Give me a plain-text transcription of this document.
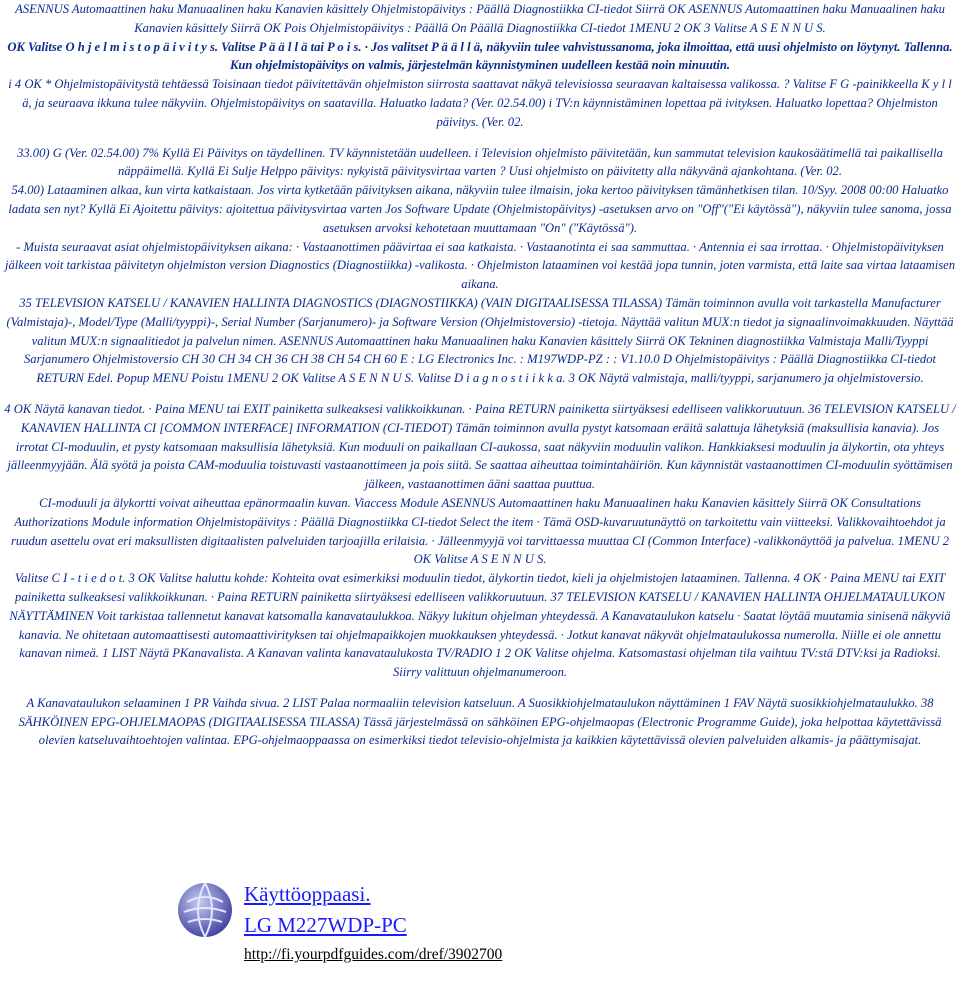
ASENNUS Automaattinen haku Manuaalinen haku Kanavien käsittely Ohjelmistopäivitys : Päällä Diagnostiikka CI-tiedot Siirrä OK ASENNUS Automaattinen haku Manuaalinen haku Kanavien käsittely Siirrä OK Pois Ohjelmistopäivitys : Päällä On Päällä Diagnostiikka CI-tiedot 1MENU 2 OK 3 Valitse A S E N N U S.

OK Valitse O h j e l m i s t o p ä i v i t y s. Valitse P ä ä l l ä tai P o i s. · Jos valitset P ä ä l l ä, näkyviin tulee vahvistussanoma, joka ilmoittaa, että uusi ohjelmisto on löytynyt. Tallenna. Kun ohjelmistopäivitys on valmis, järjestelmän käynnistyminen uudelleen kestää noin minuutin.

i 4 OK * Ohjelmistopäivitystä tehtäessä Toisinaan tiedot päivitettävän ohjelmiston siirrosta saattavat näkyä televisiossa seuraavan kaltaisessa valikossa. ? Valitse F G -painikkeella K y l l ä, ja seuraava ikkuna tulee näkyviin. Ohjelmistopäivitys on saatavilla. Haluatko ladata? (Ver. 02.54.00) i TV:n käynnistäminen lopettaa pä ivityksen. Haluatko lopettaa? Ohjelmiston päivitys. (Ver. 02.

33.00) G (Ver. 02.54.00) 7% Kyllä Ei Päivitys on täydellinen. TV käynnistetään uudelleen. i Television ohjelmisto päivitetään, kun sammutat television kaukosäätimellä tai paikallisella näppäimellä. Kyllä Ei Sulje Helppo päivitys: nykyistä päivitysvirtaa varten ? Uusi ohjelmisto on päivitetty alla näkyvänä ajankohtana. (Ver. 02.

54.00) Lataaminen alkaa, kun virta katkaistaan. Jos virta kytketään päivityksen aikana, näkyviin tulee ilmaisin, joka kertoo päivityksen tämänhetkisen tilan. 10/Syy. 2008 00:00 Haluatko ladata sen nyt? Kyllä Ei Ajoitettu päivitys: ajoitettua päivitysvirtaa varten Jos Software Update (Ohjelmistopäivitys) -asetuksen arvo on "Off"("Ei käytössä"), näkyviin tulee sanoma, jossa asetuksen arvoksi kehotetaan muuttamaan "On" ("Käytössä").

- Muista seuraavat asiat ohjelmistopäivityksen aikana: · Vastaanottimen päävirtaa ei saa katkaista. · Vastaanotinta ei saa sammuttaa. · Antennia ei saa irrottaa. · Ohjelmistopäivityksen jälkeen voit tarkistaa päivitetyn ohjelmiston version Diagnostics (Diagnostiikka) -valikosta. · Ohjelmiston lataaminen voi kestää jopa tunnin, joten varmista, että laite saa virtaa lataamisen aikana.

35 TELEVISION KATSELU / KANAVIEN HALLINTA DIAGNOSTICS (DIAGNOSTIIKKA) (VAIN DIGITAALISESSA TILASSA) Tämän toiminnon avulla voit tarkastella Manufacturer (Valmistaja)-, Model/Type (Malli/tyyppi)-, Serial Number (Sarjanumero)- ja Software Version (Ohjelmistoversio) -tietoja. Näyttää valitun MUX:n tiedot ja signaalinvoimakkuuden. Näyttää valitun MUX:n signaalitiedot ja palvelun nimen. ASENNUS Automaattinen haku Manuaalinen haku Kanavien käsittely Siirrä OK Tekninen diagnostiikka Valmistaja Malli/Tyyppi Sarjanumero Ohjelmistoversio CH 30 CH 34 CH 36 CH 38 CH 54 CH 60 E : LG Electronics Inc. : M197WDP-PZ : : V1.10.0 D Ohjelmistopäivitys : Päällä Diagnostiikka CI-tiedot RETURN Edel. Popup MENU Poistu 1MENU 2 OK Valitse A S E N N U S. Valitse D i a g n o s t i i k k a. 3 OK Näytä valmistaja, malli/tyyppi, sarjanumero ja ohjelmistoversio.

4 OK Näytä kanavan tiedot. · Paina MENU tai EXIT painiketta sulkeaksesi valikkoikkunan. · Paina RETURN painiketta siirtyäksesi edelliseen valikkoruutuun. 36 TELEVISION KATSELU / KANAVIEN HALLINTA CI [COMMON INTERFACE] INFORMATION (CI-TIEDOT) Tämän toiminnon avulla pystyt katsomaan eräitä salattuja lähetyksiä (maksullisia kanavia). Jos irrotat CI-moduulin, et pysty katsomaan maksullisia lähetyksiä. Kun moduuli on paikallaan CI-aukossa, saat näkyviin moduulin valikon. Hankkiaksesi moduulin ja älykortin, ota yhteys jälleenmyyjään. Älä syötä ja poista CAM-moduulia toistuvasti vastaanottimeen ja pois siitä. Se saattaa aiheuttaa toimintahäiriön. Kun käynnistät vastaanottimen CI-moduulin syöttämisen jälkeen, vastaanottimen ääni saattaa puuttua.

CI-moduuli ja älykortti voivat aiheuttaa epänormaalin kuvan. Viaccess Module ASENNUS Automaattinen haku Manuaalinen haku Kanavien käsittely Siirrä OK Consultations Authorizations Module information Ohjelmistopäivitys : Päällä Diagnostiikka CI-tiedot Select the item · Tämä OSD-kuvaruutunäyttö on tarkoitettu vain viitteeksi. Valikkovaihtoehdot ja ruudun asettelu ovat eri maksullisten digitaalisten palveluiden tarjoajilla erilaisia. · Jälleenmyyjä voi tarvittaessa muuttaa CI (Common Interface) -valikkonäyttöä ja palvelua. 1MENU 2 OK Valitse A S E N N U S.

Valitse C I - t i e d o t. 3 OK Valitse haluttu kohde: Kohteita ovat esimerkiksi moduulin tiedot, älykortin tiedot, kieli ja ohjelmistojen lataaminen. Tallenna. 4 OK · Paina MENU tai EXIT painiketta sulkeaksesi valikkoikkunan. · Paina RETURN painiketta siirtyäksesi edelliseen valikkoruutuun. 37 TELEVISION KATSELU / KANAVIEN HALLINTA OHJELMATAULUKON NÄYTTÄMINEN Voit tarkistaa tallennetut kanavat katsomalla kanavataulukkoa. Näkyy lukitun ohjelman yhteydessä. A Kanavataulukon katselu · Saatat löytää muutamia sinisenä näkyviä kanavia. Ne ohitetaan automaattisesti automaattivirityksen tai ohjelmapaikkojen muokkauksen yhteydessä. · Jotkut kanavat näkyvät ohjelmataulukossa numerolla. Niille ei ole annettu kanavan nimeä. 1 LIST Näytä PKanavalista. A Kanavan valinta kanavataulukosta TV/RADIO 1 2 OK Valitse ohjelma. Katsomastasi ohjelman tila vaihtuu TV:stä DTV:ksi ja Radioksi. Siirry valittuun ohjelmanumeroon.

A Kanavataulukon selaaminen 1 PR Vaihda sivua. 2 LIST Palaa normaaliin television katseluun. A Suosikkiohjelmataulukon näyttäminen 1 FAV Näytä suosikkiohjelmataulukko. 38 SÄHKÖINEN EPG-OHJELMAOPAS (DIGITAALISESSA TILASSA) Tässä järjestelmässä on sähköinen EPG-ohjelmaopas (Electronic Programme Guide), joka helpottaa käytettävissä olevien katseluvaihtoehtojen valintaa. EPG-ohjelmaoppaassa on esimerkiksi tiedot televisio-ohjelmista ja kaikkien käytettävissä olevien palveluiden alkamis- ja päättymisajat.

Käyttöoppaasi.
LG M227WDP-PC
http://fi.yourpdfguides.com/dref/3902700
